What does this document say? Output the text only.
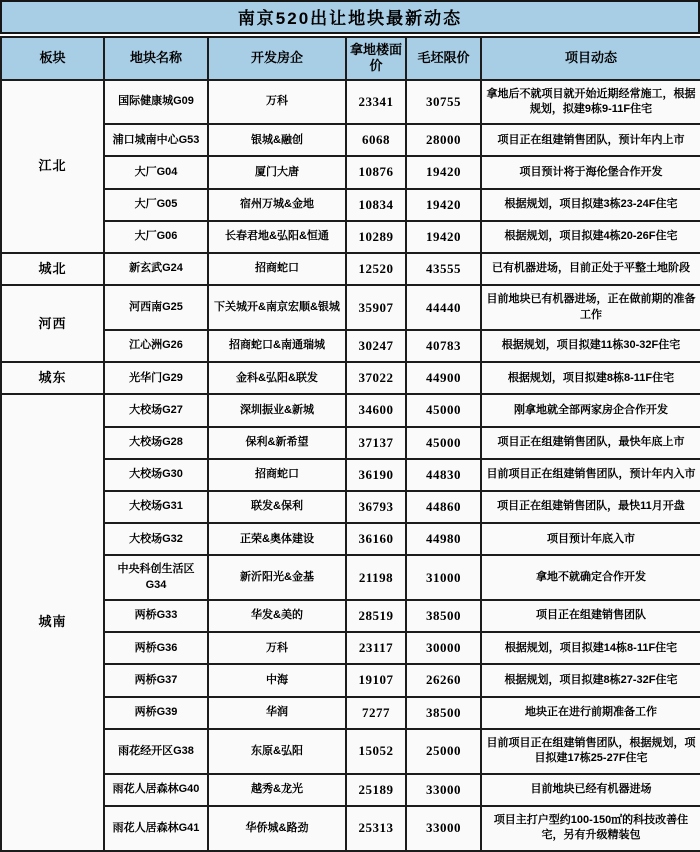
南京520出让地块最新动态
板块	地块名称	开发房企	拿地楼面价	毛坯限价	项目动态
江北	国际健康城G09	万科	23341	30755	拿地后不就项目就开始近期经常施工，根据规划，拟建9栋9-11F住宅
	浦口城南中心G53	银城&融创	6068	28000	项目正在组建销售团队，预计年内上市
	大厂G04	厦门大唐	10876	19420	项目预计将于海伦堡合作开发
	大厂G05	宿州万城&金地	10834	19420	根据规划，项目拟建3栋23-24F住宅
	大厂G06	长春君地&弘阳&恒通	10289	19420	根据规划，项目拟建4栋20-26F住宅
城北	新玄武G24	招商蛇口	12520	43555	已有机器进场，目前正处于平整土地阶段
河西	河西南G25	下关城开&南京宏顺&银城	35907	44440	目前地块已有机器进场，正在做前期的准备工作
	江心洲G26	招商蛇口&南通瑞城	30247	40783	根据规划，项目拟建11栋30-32F住宅
城东	光华门G29	金科&弘阳&联发	37022	44900	根据规划，项目拟建8栋8-11F住宅
城南	大校场G27	深圳振业&新城	34600	45000	刚拿地就全部两家房企合作开发
	大校场G28	保利&新希望	37137	45000	项目正在组建销售团队，最快年底上市
	大校场G30	招商蛇口	36190	44830	目前项目正在组建销售团队，预计年内入市
	大校场G31	联发&保利	36793	44860	项目正在组建销售团队，最快11月开盘
	大校场G32	正荣&奥体建设	36160	44980	项目预计年底入市
	中央科创生活区G34	新沂阳光&金基	21198	31000	拿地不就确定合作开发
	两桥G33	华发&美的	28519	38500	项目正在组建销售团队
	两桥G36	万科	23117	30000	根据规划，项目拟建14栋8-11F住宅
	两桥G37	中海	19107	26260	根据规划，项目拟建8栋27-32F住宅
	两桥G39	华润	7277	38500	地块正在进行前期准备工作
	雨花经开区G38	东原&弘阳	15052	25000	目前项目正在组建销售团队，根据规划，项目拟建17栋25-27F住宅
	雨花人居森林G40	越秀&龙光	25189	33000	目前地块已经有机器进场
	雨花人居森林G41	华侨城&路劲	25313	33000	项目主打户型约100-150㎡的科技改善住宅，另有升级精装包
